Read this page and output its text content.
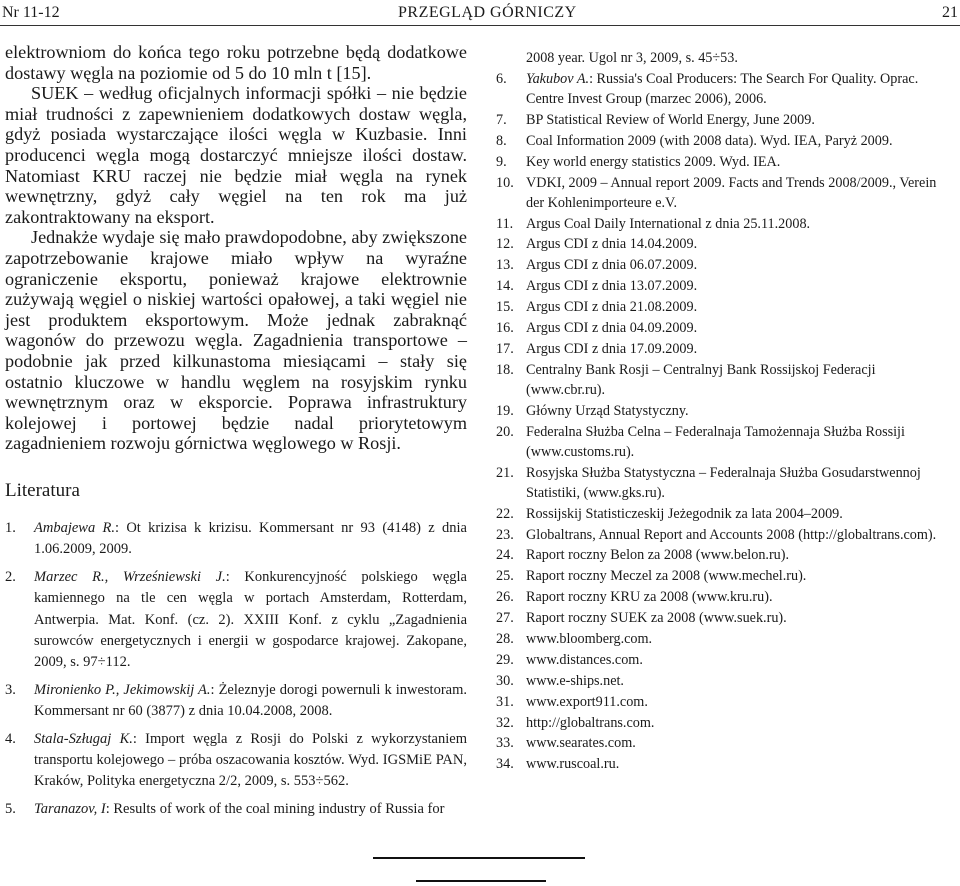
Nr 11-12	PRZEGLĄD GÓRNICZY	21

elektrowniom do końca tego roku potrzebne będą dodatkowe dostawy węgla na poziomie od 5 do 10 mln t [15].

SUEK – według oficjalnych informacji spółki – nie będzie miał trudności z zapewnieniem dodatkowych dostaw węgla, gdyż posiada wystarczające ilości węgla w Kuzbasie. Inni producenci węgla mogą dostarczyć mniejsze ilości dostaw. Natomiast KRU raczej nie będzie miał węgla na rynek wewnętrzny, gdyż cały węgiel na ten rok ma już zakontraktowany na eksport.

Jednakże wydaje się mało prawdopodobne, aby zwiększone zapotrzebowanie krajowe miało wpływ na wyraźne ograniczenie eksportu, ponieważ krajowe elektrownie zużywają węgiel o niskiej wartości opałowej, a taki węgiel nie jest produktem eksportowym. Może jednak zabraknąć wagonów do przewozu węgla. Zagadnienia transportowe – podobnie jak przed kilkunastoma miesiącami – stały się ostatnio kluczowe w handlu węglem na rosyjskim rynku wewnętrznym oraz w eksporcie. Poprawa infrastruktury kolejowej i portowej będzie nadal priorytetowym zagadnieniem rozwoju górnictwa węglowego w Rosji.

Literatura
1. Ambajewa R.: Ot krizisa k krizisu. Kommersant nr 93 (4148) z dnia 1.06.2009, 2009.
2. Marzec R., Wrześniewski J.: Konkurencyjność polskiego węgla kamiennego na tle cen węgla w portach Amsterdam, Rotterdam, Antwerpia. Mat. Konf. (cz. 2). XXIII Konf. z cyklu „Zagadnienia surowców energetycznych i energii w gospodarce krajowej. Zakopane, 2009, s. 97÷112.
3. Mironienko P., Jekimowskij A.: Żeleznyje dorogi powernuli k inwestoram. Kommersant nr 60 (3877) z dnia 10.04.2008, 2008.
4. Stala-Szługaj K.: Import węgla z Rosji do Polski z wykorzystaniem transportu kolejowego – próba oszacowania kosztów. Wyd. IGSMiE PAN, Kraków, Polityka energetyczna 2/2, 2009, s. 553÷562.
5. Taranazov, I: Results of work of the coal mining industry of Russia for
2008 year. Ugol nr 3, 2009, s. 45÷53.
6. Yakubov A.: Russia's Coal Producers: The Search For Quality. Oprac. Centre Invest Group (marzec 2006), 2006.
7. BP Statistical Review of World Energy, June 2009.
8. Coal Information 2009 (with 2008 data). Wyd. IEA, Paryż 2009.
9. Key world energy statistics 2009. Wyd. IEA.
10. VDKI, 2009 – Annual report 2009. Facts and Trends 2008/2009., Verein der Kohlenimporteure e.V.
11. Argus Coal Daily International z dnia 25.11.2008.
12. Argus CDI z dnia 14.04.2009.
13. Argus CDI z dnia 06.07.2009.
14. Argus CDI z dnia 13.07.2009.
15. Argus CDI z dnia 21.08.2009.
16. Argus CDI z dnia 04.09.2009.
17. Argus CDI z dnia 17.09.2009.
18. Centralny Bank Rosji – Centralnyj Bank Rossijskoj Federacji (www.cbr.ru).
19. Główny Urząd Statystyczny.
20. Federalna Służba Celna – Federalnaja Tamożennaja Służba Rossiji (www.customs.ru).
21. Rosyjska Służba Statystyczna – Federalnaja Służba Gosudarstwennoj Statistiki, (www.gks.ru).
22. Rossijskij Statisticzeskij Jeżegodnik za lata 2004–2009.
23. Globaltrans, Annual Report and Accounts 2008 (http://globaltrans.com).
24. Raport roczny Belon za 2008 (www.belon.ru).
25. Raport roczny Meczel za 2008 (www.mechel.ru).
26. Raport roczny KRU za 2008 (www.kru.ru).
27. Raport roczny SUEK za 2008 (www.suek.ru).
28. www.bloomberg.com.
29. www.distances.com.
30. www.e-ships.net.
31. www.export911.com.
32. http://globaltrans.com.
33. www.searates.com.
34. www.ruscoal.ru.
